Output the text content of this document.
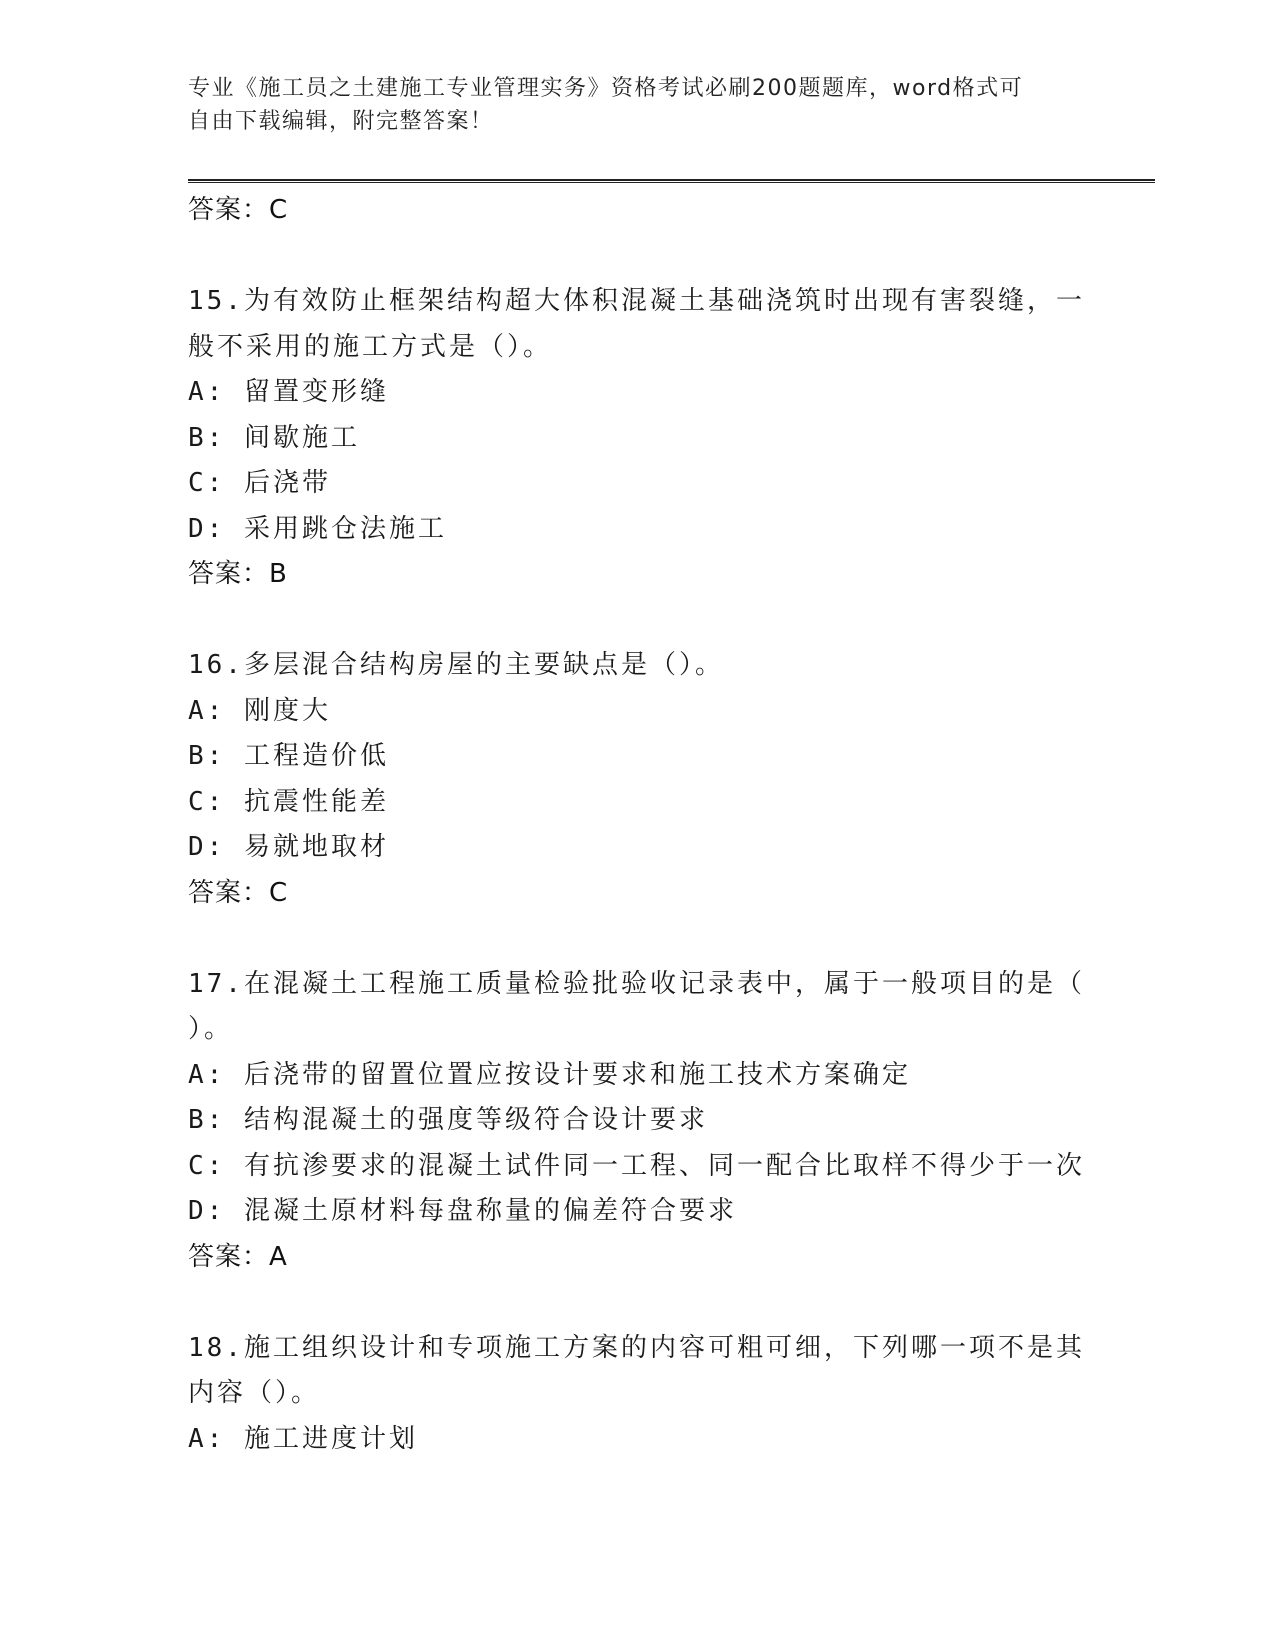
专业《施工员之土建施工专业管理实务》资格考试必刷200题题库，word格式可
自由下载编辑，附完整答案！
答案：C
15.为有效防止框架结构超大体积混凝土基础浇筑时出现有害裂缝，一
般不采用的施工方式是（）。
A: 留置变形缝
B: 间歇施工
C: 后浇带
D: 采用跳仓法施工
答案：B
16.多层混合结构房屋的主要缺点是（）。
A: 刚度大
B: 工程造价低
C: 抗震性能差
D: 易就地取材
答案：C
17.在混凝土工程施工质量检验批验收记录表中，属于一般项目的是（
）。
A: 后浇带的留置位置应按设计要求和施工技术方案确定
B: 结构混凝土的强度等级符合设计要求
C: 有抗渗要求的混凝土试件同一工程、同一配合比取样不得少于一次
D: 混凝土原材料每盘称量的偏差符合要求
答案：A
18.施工组织设计和专项施工方案的内容可粗可细，下列哪一项不是其
内容（）。
A: 施工进度计划
